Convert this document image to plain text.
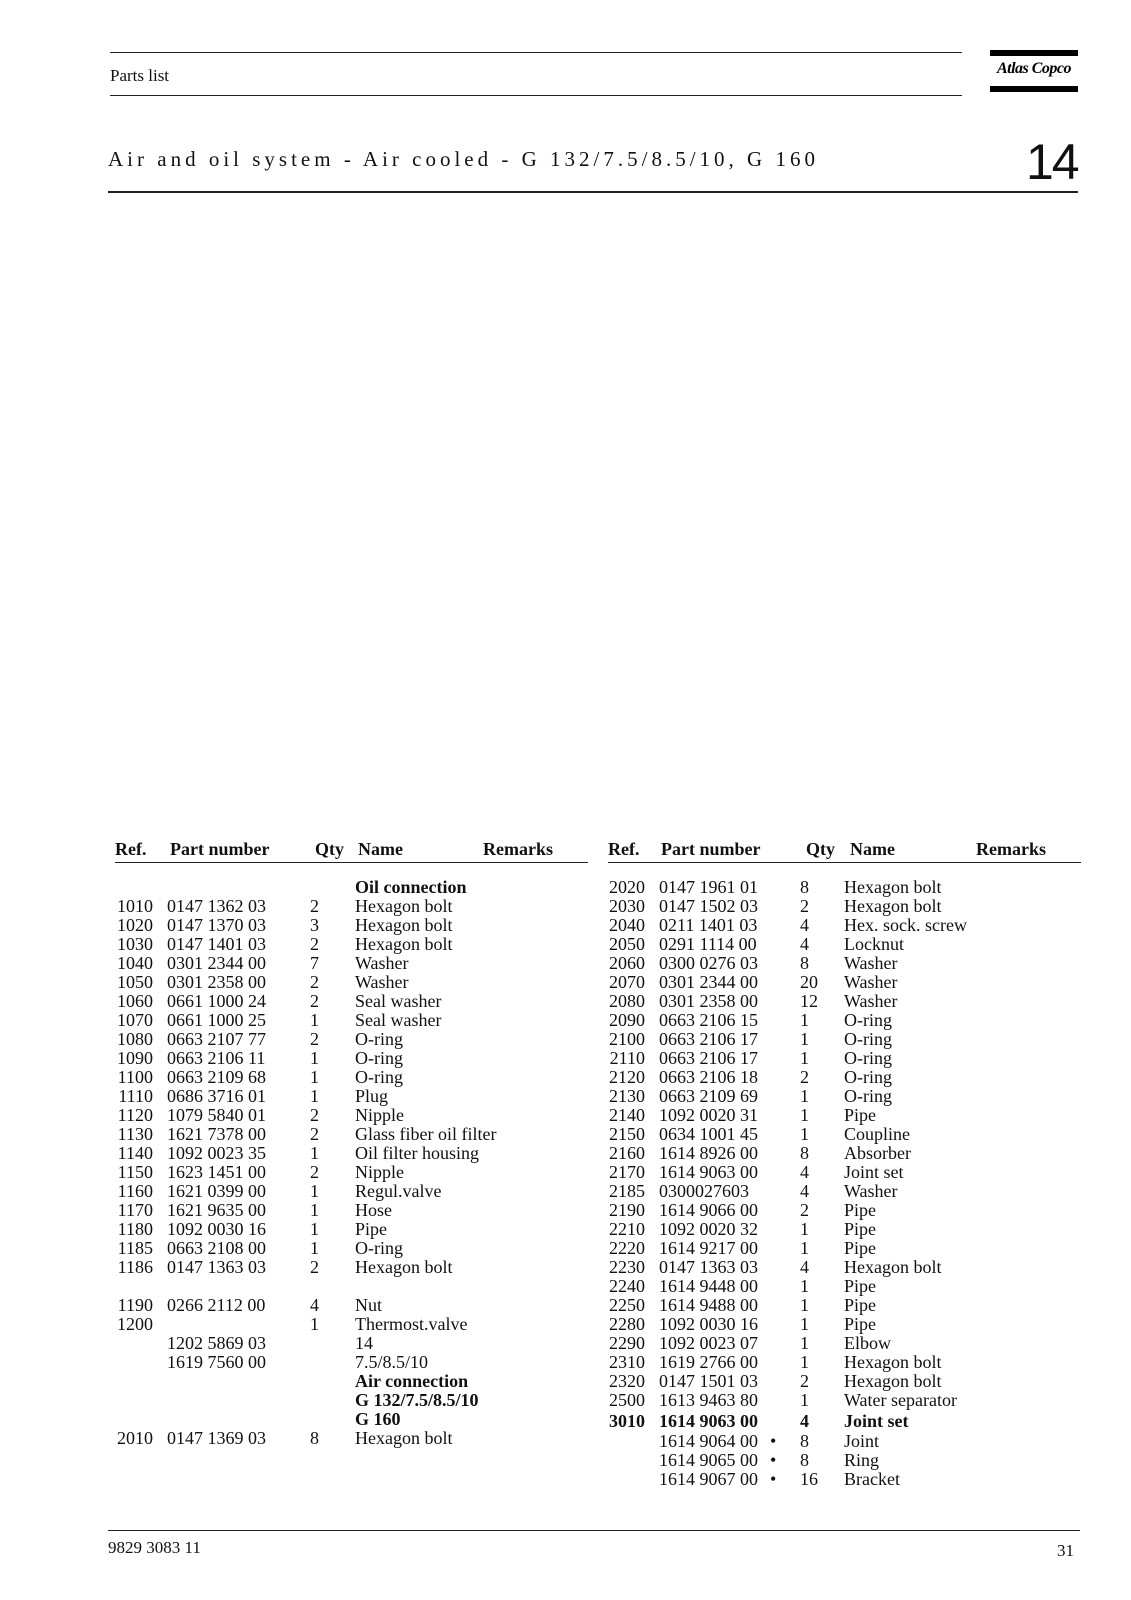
Parts list	Atlas Copco
Air and oil system - Air cooled - G 132/7.5/8.5/10, G 160	14
Ref. Part number	Qty Name	Remarks
Oil connection
1010 0147 1362 03 2 Hexagon bolt
1020 0147 1370 03 3 Hexagon bolt
1030 0147 1401 03 2 Hexagon bolt
1040 0301 2344 00 7 Washer
1050 0301 2358 00 2 Washer
1060 0661 1000 24 2 Seal washer
1070 0661 1000 25 1 Seal washer
1080 0663 2107 77 2 O-ring
1090 0663 2106 11 1 O-ring
1100 0663 2109 68 1 O-ring
1110 0686 3716 01 1 Plug
1120 1079 5840 01 2 Nipple
1130 1621 7378 00 2 Glass fiber oil filter
1140 1092 0023 35 1 Oil filter housing
1150 1623 1451 00 2 Nipple
1160 1621 0399 00 1 Regul.valve
1170 1621 9635 00 1 Hose
1180 1092 0030 16 1 Pipe
1185 0663 2108 00 1 O-ring
1186 0147 1363 03 2 Hexagon bolt
1190 0266 2112 00 4 Nut
1200	1 Thermost.valve
1202 5869 03	14
1619 7560 00	7.5/8.5/10
Air connection
G 132/7.5/8.5/10
G 160
2010 0147 1369 03 8 Hexagon bolt
Ref. Part number	Qty Name	Remarks
2020 0147 1961 01 8 Hexagon bolt
2030 0147 1502 03 2 Hexagon bolt
2040 0211 1401 03 4 Hex. sock. screw
2050 0291 1114 00 4 Locknut
2060 0300 0276 03 8 Washer
2070 0301 2344 00 20 Washer
2080 0301 2358 00 12 Washer
2090 0663 2106 15 1 O-ring
2100 0663 2106 17 1 O-ring
2110 0663 2106 17 1 O-ring
2120 0663 2106 18 2 O-ring
2130 0663 2109 69 1 O-ring
2140 1092 0020 31 1 Pipe
2150 0634 1001 45 1 Coupline
2160 1614 8926 00 8 Absorber
2170 1614 9063 00 4 Joint set
2185 0300027603	4 Washer
2190 1614 9066 00 2 Pipe
2210 1092 0020 32 1 Pipe
2220 1614 9217 00 1 Pipe
2230 0147 1363 03 4 Hexagon bolt
2240 1614 9448 00 1 Pipe
2250 1614 9488 00 1 Pipe
2280 1092 0030 16 1 Pipe
2290 1092 0023 07 1 Elbow
2310 1619 2766 00 1 Hexagon bolt
2320 0147 1501 03 2 Hexagon bolt
2500 1613 9463 80 1 Water separator
3010 1614 9063 00 4 Joint set
1614 9064 00 • 8 Joint
1614 9065 00 • 8 Ring
1614 9067 00 • 16 Bracket
9829 3083 11	31
